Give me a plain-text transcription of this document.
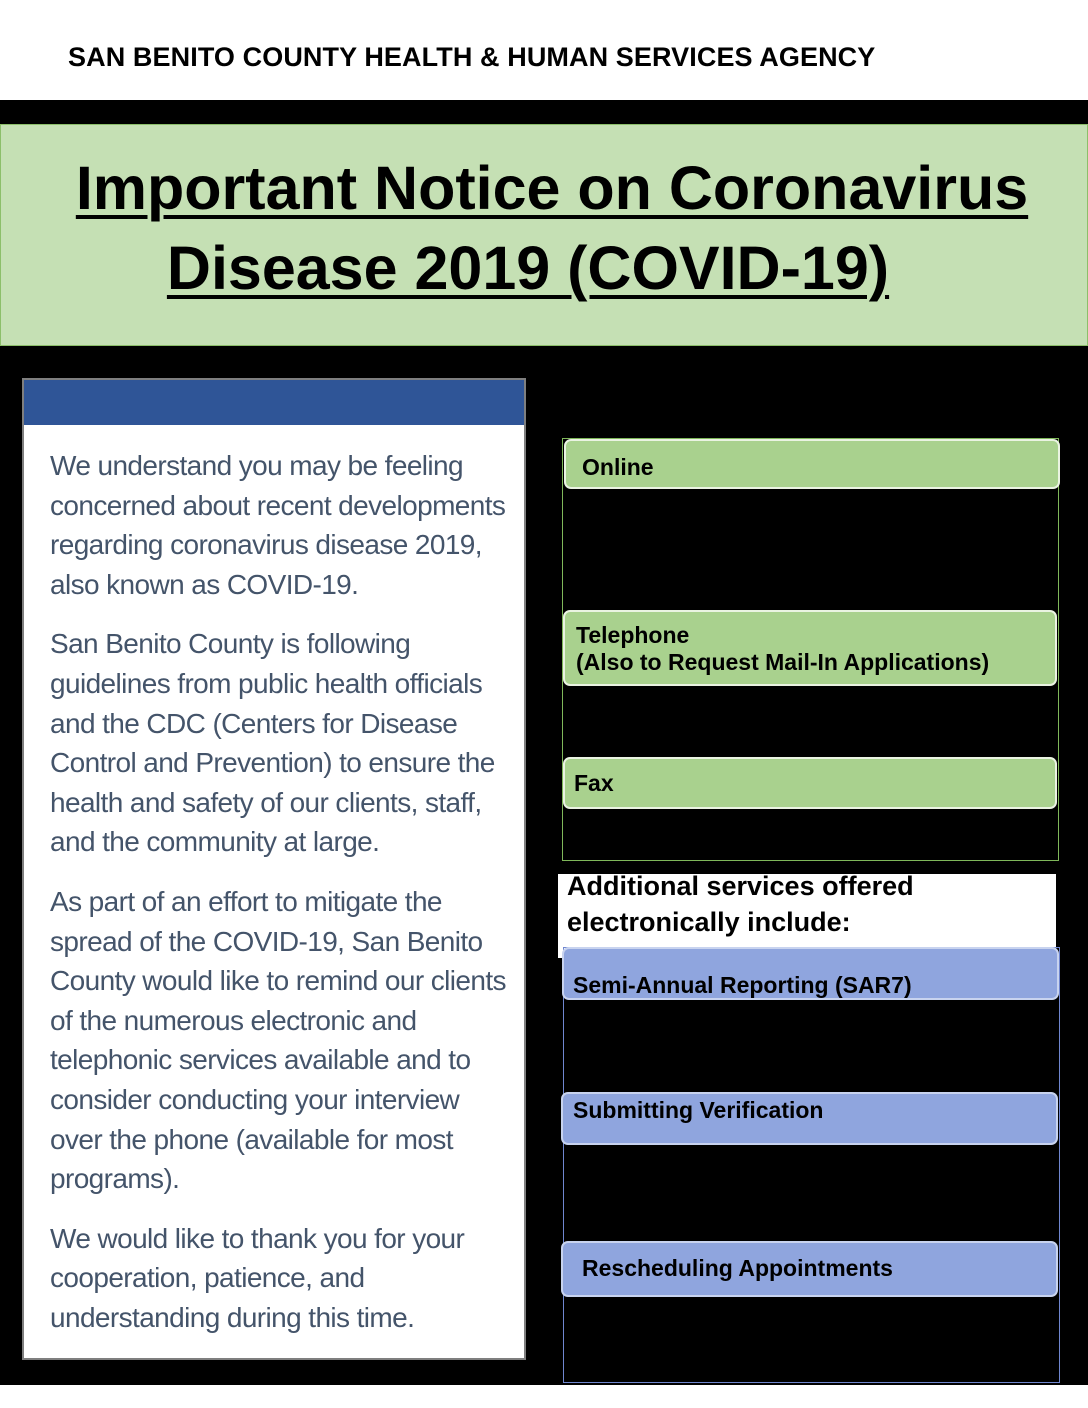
SAN BENITO COUNTY HEALTH & HUMAN SERVICES AGENCY
Important Notice on Coronavirus
Disease 2019 (COVID-19)

We understand you may be feeling concerned about recent developments regarding coronavirus disease 2019, also known as COVID-19.

San Benito County is following guidelines from public health officials and the CDC (Centers for Disease Control and Prevention) to ensure the health and safety of our clients, staff, and the community at large.

As part of an effort to mitigate the spread of the COVID-19, San Benito County would like to remind our clients of the numerous electronic and telephonic services available and to consider conducting your interview over the phone (available for most programs).

We would like to thank you for your cooperation, patience, and understanding during this time.

Online
Telephone
(Also to Request Mail-In Applications)
Fax
Additional services offered electronically include:
Semi-Annual Reporting (SAR7)
Submitting Verification
Rescheduling Appointments
